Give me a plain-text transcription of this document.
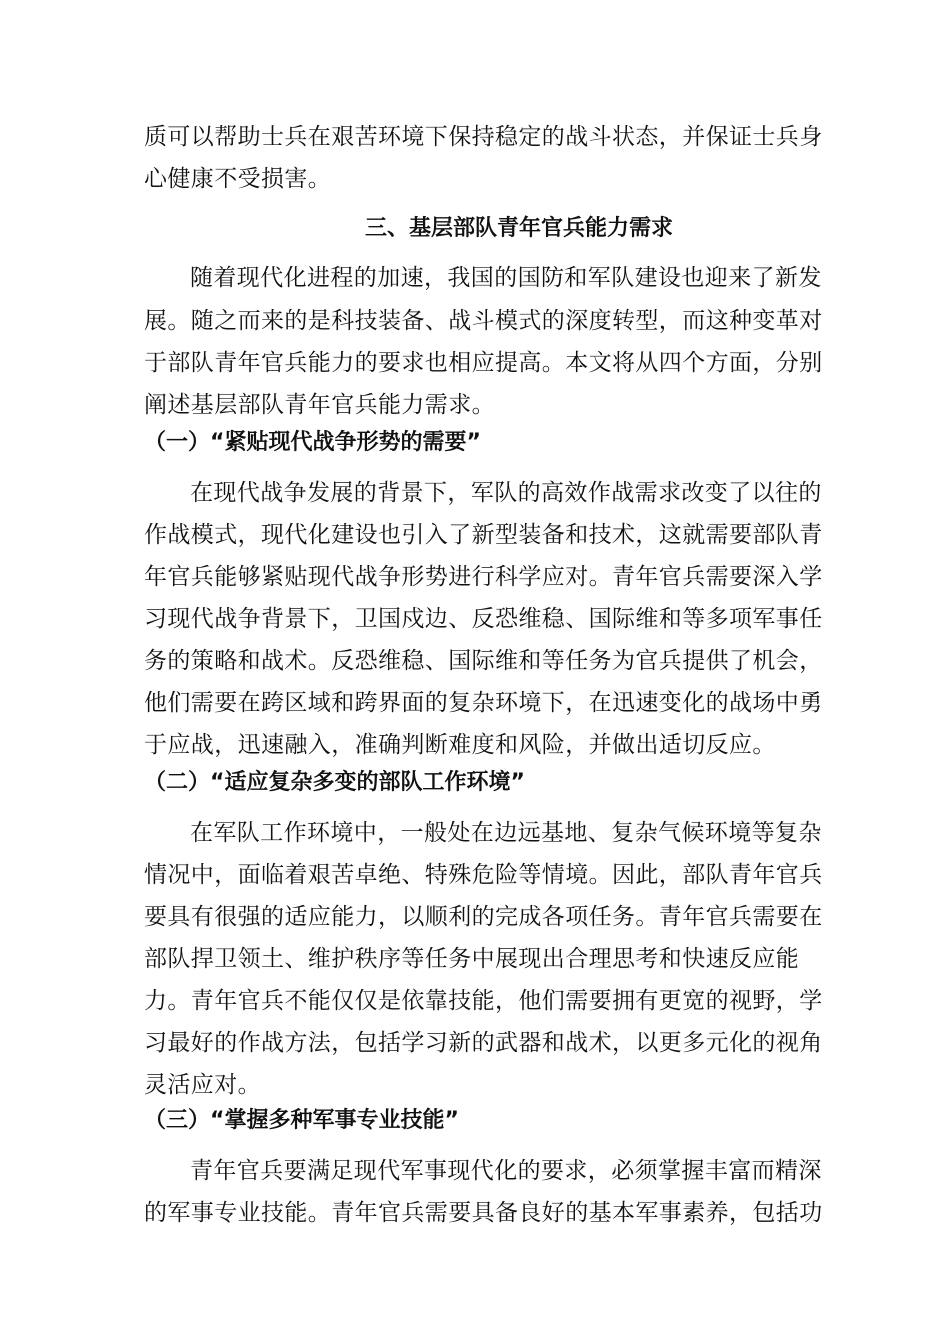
质可以帮助士兵在艰苦环境下保持稳定的战斗状态，并保证士兵身
心健康不受损害。
三、基层部队青年官兵能力需求
随着现代化进程的加速，我国的国防和军队建设也迎来了新发
展。随之而来的是科技装备、战斗模式的深度转型，而这种变革对
于部队青年官兵能力的要求也相应提高。本文将从四个方面，分别
阐述基层部队青年官兵能力需求。
（一）“紧贴现代战争形势的需要”
在现代战争发展的背景下，军队的高效作战需求改变了以往的
作战模式，现代化建设也引入了新型装备和技术，这就需要部队青
年官兵能够紧贴现代战争形势进行科学应对。青年官兵需要深入学
习现代战争背景下，卫国戍边、反恐维稳、国际维和等多项军事任
务的策略和战术。反恐维稳、国际维和等任务为官兵提供了机会，
他们需要在跨区域和跨界面的复杂环境下，在迅速变化的战场中勇
于应战，迅速融入，准确判断难度和风险，并做出适切反应。
（二）“适应复杂多变的部队工作环境”
在军队工作环境中，一般处在边远基地、复杂气候环境等复杂
情况中，面临着艰苦卓绝、特殊危险等情境。因此，部队青年官兵
要具有很强的适应能力，以顺利的完成各项任务。青年官兵需要在
部队捍卫领土、维护秩序等任务中展现出合理思考和快速反应能
力。青年官兵不能仅仅是依靠技能，他们需要拥有更宽的视野，学
习最好的作战方法，包括学习新的武器和战术，以更多元化的视角
灵活应对。
（三）“掌握多种军事专业技能”
青年官兵要满足现代军事现代化的要求，必须掌握丰富而精深
的军事专业技能。青年官兵需要具备良好的基本军事素养，包括功
